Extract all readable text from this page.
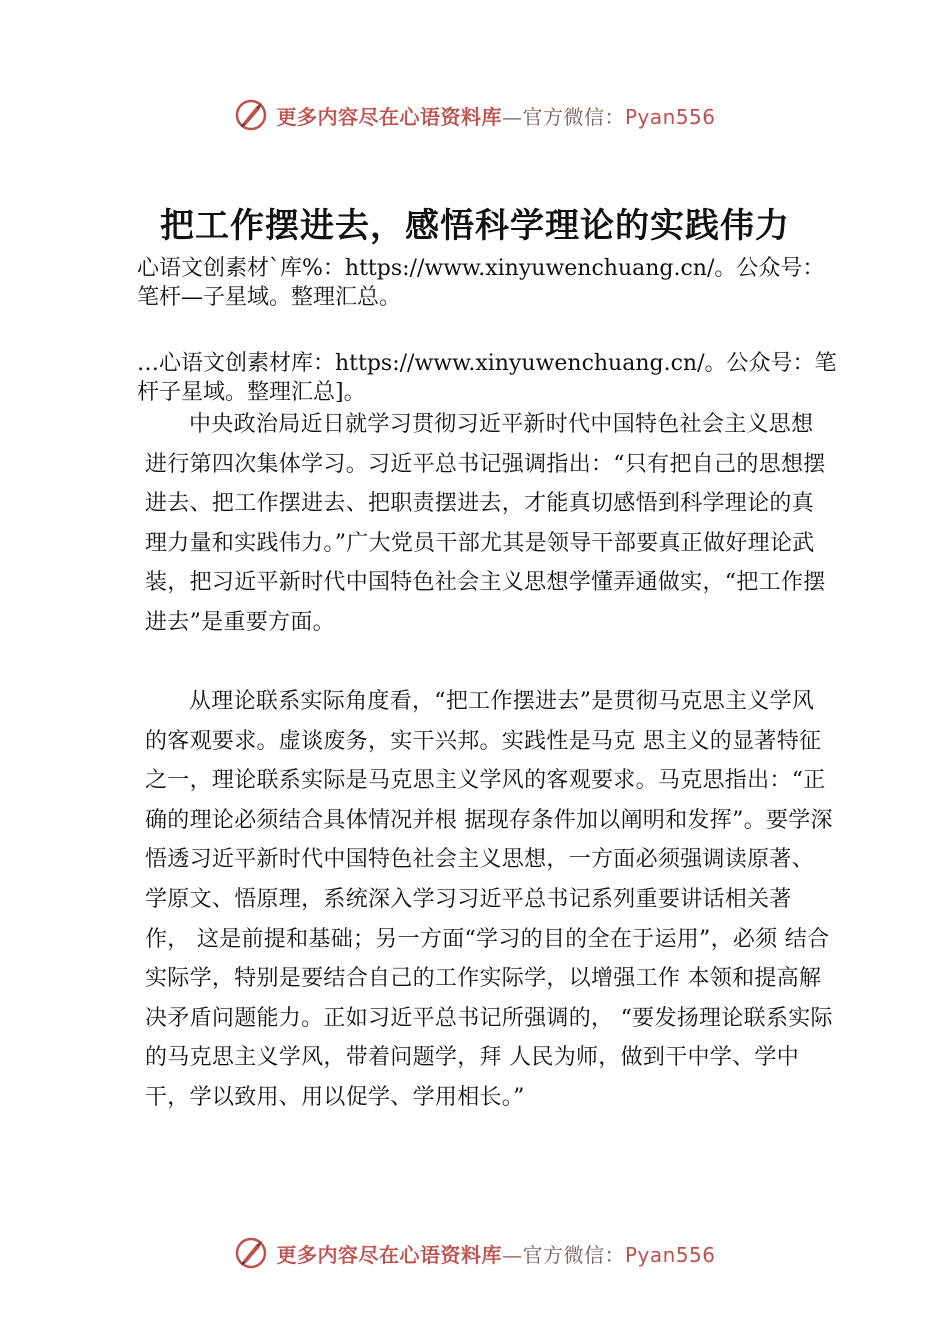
更多内容尽在心语资料库—官方微信：Pyan556
把工作摆进去，感悟科学理论的实践伟力
心语文创素材`库%：https://www.xinyuwenchuang.cn/。公众号：笔杆—子星域。整理汇总。
…心语文创素材库：https://www.xinyuwenchuang.cn/。公众号：笔杆子星域。整理汇总]。

中央政治局近日就学习贯彻习近平新时代中国特色社会主义思想进行第四次集体学习。习近平总书记强调指出：“只有把自己的思想摆进去、把工作摆进去、把职责摆进去，才能真切感悟到科学理论的真理力量和实践伟力。”广大党员干部尤其是领导干部要真正做好理论武装，把习近平新时代中国特色社会主义思想学懂弄通做实，“把工作摆进去”是重要方面。

从理论联系实际角度看，“把工作摆进去”是贯彻马克思主义学风的客观要求。虚谈废务，实干兴邦。实践性是马克 思主义的显著特征之一，理论联系实际是马克思主义学风的客观要求。马克思指出：“正确的理论必须结合具体情况并根 据现存条件加以阐明和发挥”。要学深悟透习近平新时代中国特色社会主义思想，一方面必须强调读原著、学原文、悟原理，系统深入学习习近平总书记系列重要讲话相关著作， 这是前提和基础；另一方面“学习的目的全在于运用”，必须 结合实际学，特别是要结合自己的工作实际学，以增强工作 本领和提高解决矛盾问题能力。正如习近平总书记所强调的， “要发扬理论联系实际的马克思主义学风，带着问题学，拜 人民为师，做到干中学、学中干，学以致用、用以促学、学用相长。”

更多内容尽在心语资料库—官方微信：Pyan556
